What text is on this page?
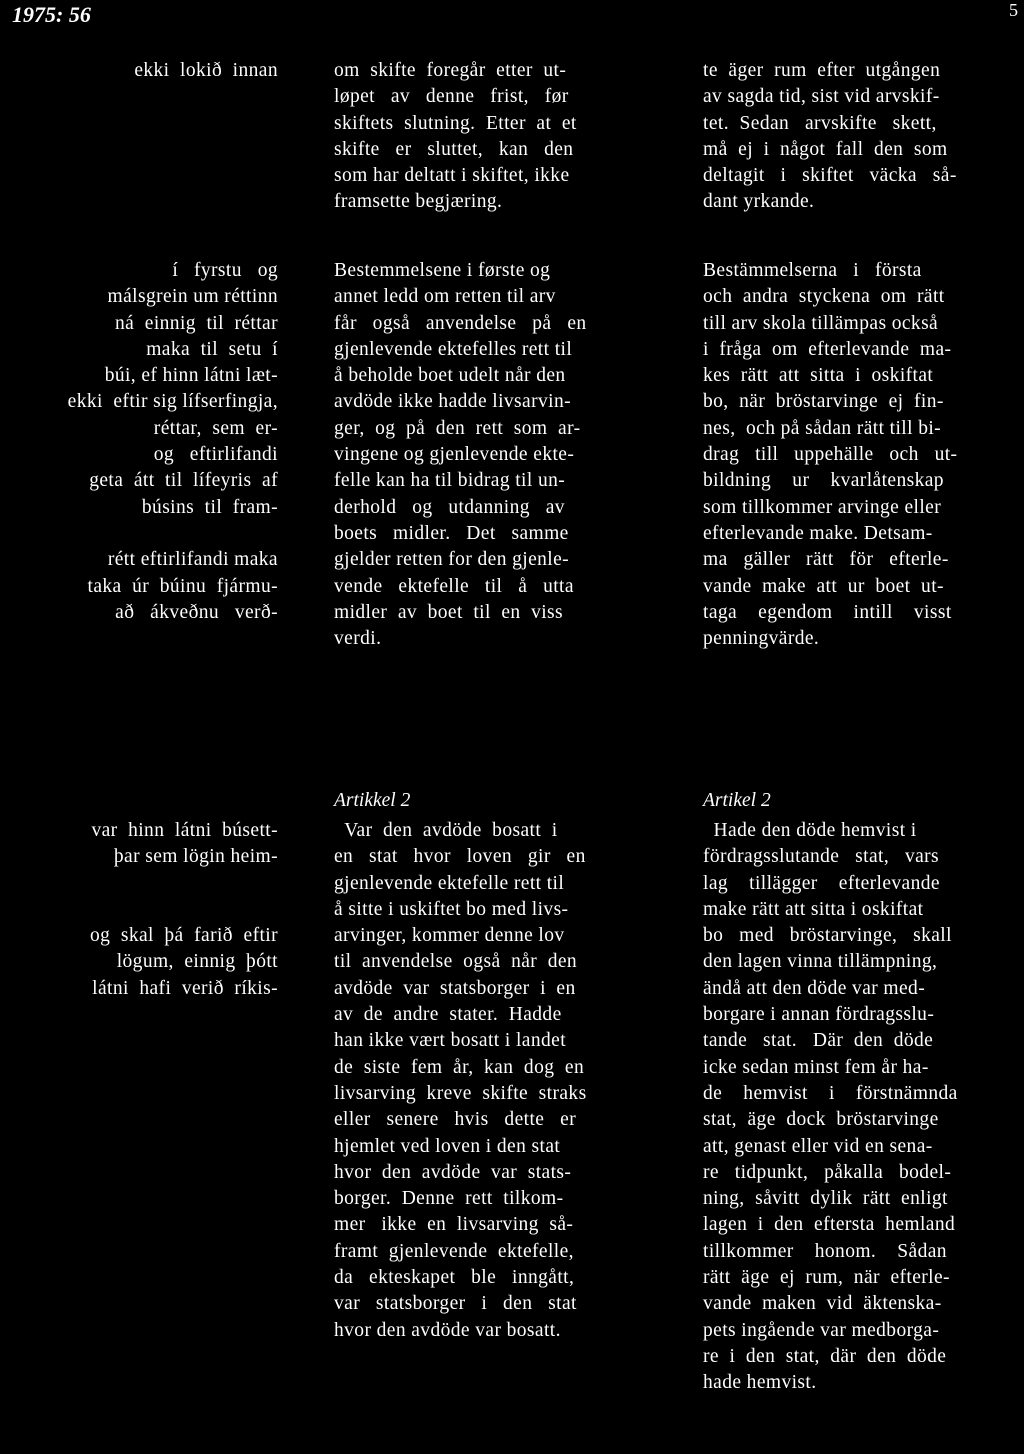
1975: 56	5
ekki  lokið  innan
í   fyrstu   og
málsgrein um réttinn
ná  einnig  til  réttar
maka  til  setu  í
búi, ef hinn látni læt-
ekki  eftir sig lífserfingja,
réttar,  sem  er-
og   eftirlifandi
geta  átt  til  lífeyris  af
búsins  til  fram-

rétt eftirlifandi maka
taka  úr  búinu  fjármu-
að   ákveðnu   verð-
var  hinn  látni  búsett-
þar sem lögin heim-

og  skal  þá  farið  eftir
lögum,  einnig  þótt
látni  hafi  verið  ríkis-
om  skifte  foregår  etter  ut-
løpet   av   denne   frist,   før
skiftets  slutning.  Etter  at  et
skifte   er   sluttet,   kan   den
som har deltatt i skiftet, ikke
framsette begjæring.
Bestemmelsene i første og
annet ledd om retten til arv
får   også   anvendelse   på   en
gjenlevende ektefelles rett til
å beholde boet udelt når den
avdöde ikke hadde livsarvin-
ger,  og  på  den  rett  som  ar-
vingene og gjenlevende ekte-
felle kan ha til bidrag til un-
derhold   og   utdanning   av
boets   midler.   Det   samme
gjelder retten for den gjenle-
vende   ektefelle   til   å   utta
midler  av  boet  til  en  viss
verdi.
Artikkel 2
Var  den  avdöde  bosatt  i
en   stat   hvor   loven   gir   en
gjenlevende ektefelle rett til
å sitte i uskiftet bo med livs-
arvinger, kommer denne lov
til  anvendelse  også  når  den
avdöde  var  statsborger  i  en
av  de  andre  stater.  Hadde
han ikke vært bosatt i landet
de  siste  fem  år,  kan  dog  en
livsarving  kreve  skifte  straks
eller   senere   hvis   dette   er
hjemlet ved loven i den stat
hvor  den  avdöde  var  stats-
borger.  Denne  rett  tilkom-
mer   ikke  en  livsarving  så-
framt  gjenlevende  ektefelle,
da   ekteskapet   ble   inngått,
var   statsborger   i   den   stat
hvor den avdöde var bosatt.
te  äger  rum  efter  utgången
av sagda tid, sist vid arvskif-
tet.  Sedan   arvskifte   skett,
må  ej  i  något  fall  den  som
deltagit   i   skiftet   väcka   så-
dant yrkande.
Bestämmelserna   i   första
och  andra  styckena  om  rätt
till arv skola tillämpas också
i  fråga  om  efterlevande  ma-
kes  rätt  att  sitta  i  oskiftat
bo,  när  bröstarvinge  ej  fin-
nes,  och på sådan rätt till bi-
drag   till   uppehälle   och   ut-
bildning    ur    kvarlåtenskap
som tillkommer arvinge eller
efterlevande make. Detsam-
ma   gäller   rätt   för   efterle-
vande  make  att  ur  boet  ut-
taga    egendom    intill    visst
penningvärde.
Artikel 2
Hade den döde hemvist i
fördragsslutande   stat,   vars
lag    tillägger    efterlevande
make rätt att sitta i oskiftat
bo   med   bröstarvinge,   skall
den lagen vinna tillämpning,
ändå att den döde var med-
borgare i annan fördragsslu-
tande   stat.   Där  den  döde
icke sedan minst fem år ha-
de    hemvist    i    förstnämnda
stat,  äge  dock  bröstarvinge
att, genast eller vid en sena-
re   tidpunkt,   påkalla   bodel-
ning,  såvitt  dylik  rätt  enligt
lagen  i  den  eftersta  hemland
tillkommer    honom.    Sådan
rätt  äge  ej  rum,  när  efterle-
vande  maken  vid  äktenska-
pets ingående var medborga-
re  i  den  stat,  där  den  döde
hade hemvist.
